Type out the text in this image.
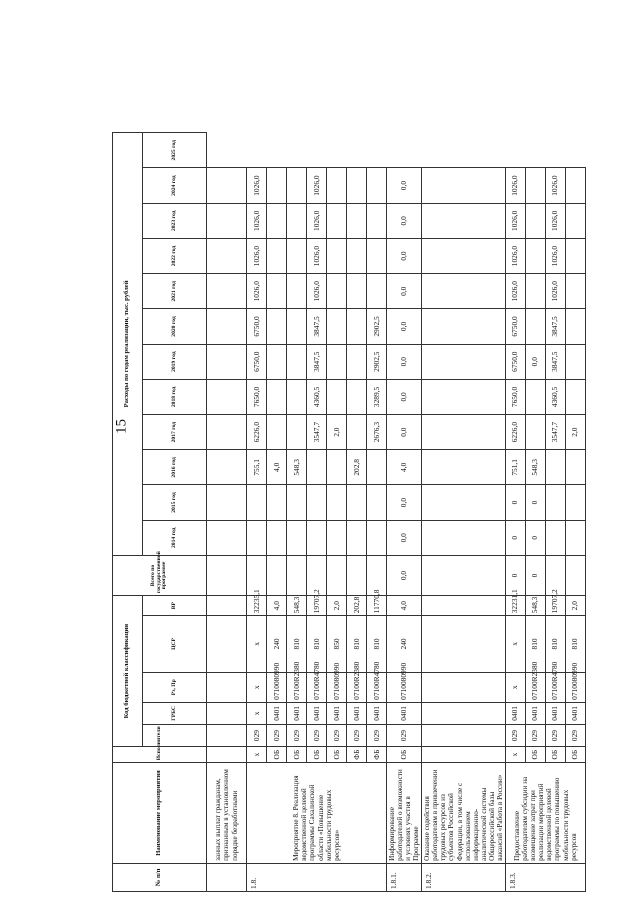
15
№ п/п	Наименование мероприятия	Исполнители	Код бюджетной классификации					Всего по государственной программе	Расходы по годам реализации, тыс. рублей											
				ГРБС	Рз, Пр	ЦСР	ВР		2014 год	2015 год	2016 год	2017 год	2018 год	2019 год	2020 год	2021 год	2022 год	2023 год	2024 год	2025 год
	занных выплат гражданам, признанным в установленном порядке безработными																			
1.8.	Мероприятие 8. Реализация ведомственной целевой программы Сахалинской области «Повышение мобильности трудовых ресурсов»	х	029	х	х	х	32235,1				755,1	6226,0	7650,0	6750,0	6750,0	1026,0	1026,0	1026,0	1026,0	
		ОБ	029	0401	0710080990	240	4,0				4,0									
		ОБ	029	0401	07100R2380	810	548,3				548,3									
		ОБ	029	0401	07100R4780	810	19707,2					3547,7	4360,5	3847,5	3847,5	1026,0	1026,0	1026,0	1026,0	
		ОБ	029	0401	0710080990	850	2,0					2,0								
		ФБ	029	0401	07100R2380	810	202,8				202,8									
		ФБ	029	0401	07100R4780	810	11770,8					2676,3	3289,5	2902,5	2902,5					
1.8.1.	Информирование работодателей о возможности и условиях участия в Программе	ОБ	029	0401	0710080990	240	4,0	0,0	0,0	0,0	4,0	0,0	0,0	0,0	0,0	0,0	0,0	0,0	0,0	
1.8.2.	Оказание содействия работодателям в привлечении трудовых ресурсов из субъектов Российской Федерации, в том числе с использованием информационно-аналитической системы Общероссийской базы вакансий «Работа в России»																			
1.8.3.	Предоставление работодателям субсидии на возмещение затрат при реализации мероприятий ведомственной целевой программы по повышению мобильности трудовых ресурсов	х	029	0401	х	х	32231,1	0	0	0	751,1	6226,0	7650,0	6750,0	6750,0	1026,0	1026,0	1026,0	1026,0	
		ОБ	029	0401	07100R2380	810	548,3	0	0	0	548,3			0,0						
		ОБ	029	0401	07100R4780	810	19707,2					3547,7	4360,5	3847,5	3847,5	1026,0	1026,0	1026,0	1026,0	
		ОБ	029	0401	0710080990	810	2,0					2,0								
